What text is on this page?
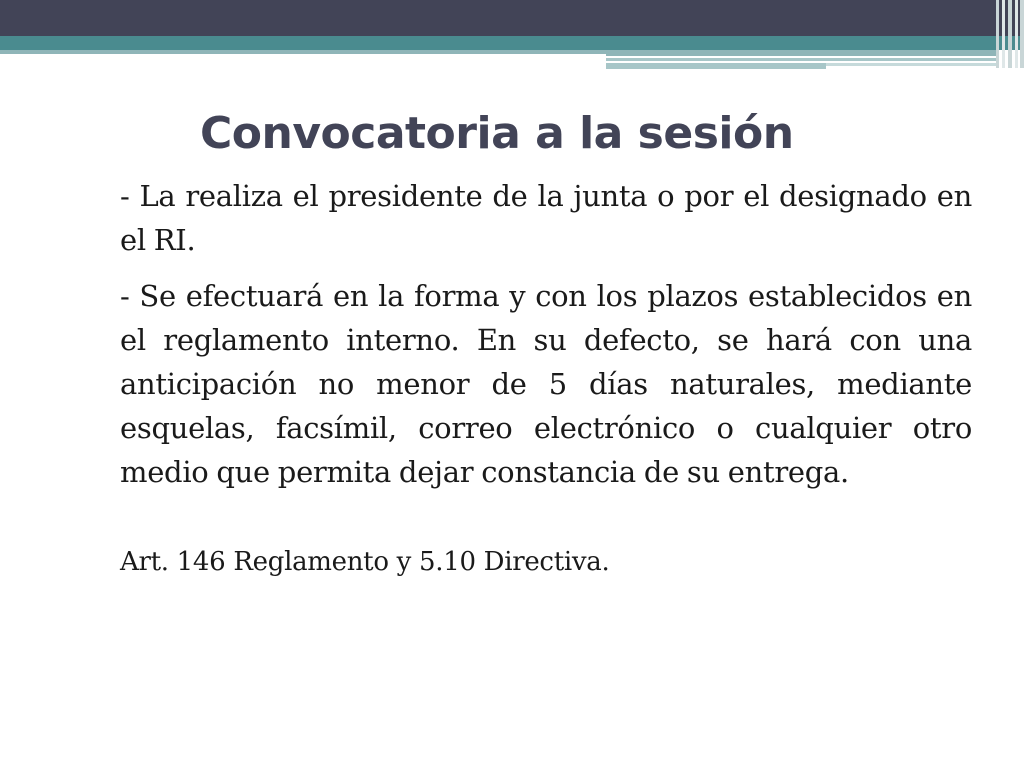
Convocatoria a la sesión

- La realiza el presidente de la junta o por el designado en el RI.

- Se efectuará en la forma y con los plazos establecidos en el reglamento interno. En su defecto, se hará con una anticipación no menor de 5 días naturales, mediante esquelas, facsímil, correo electrónico o cualquier otro medio que permita dejar constancia de su entrega.

Art. 146 Reglamento y 5.10 Directiva.
